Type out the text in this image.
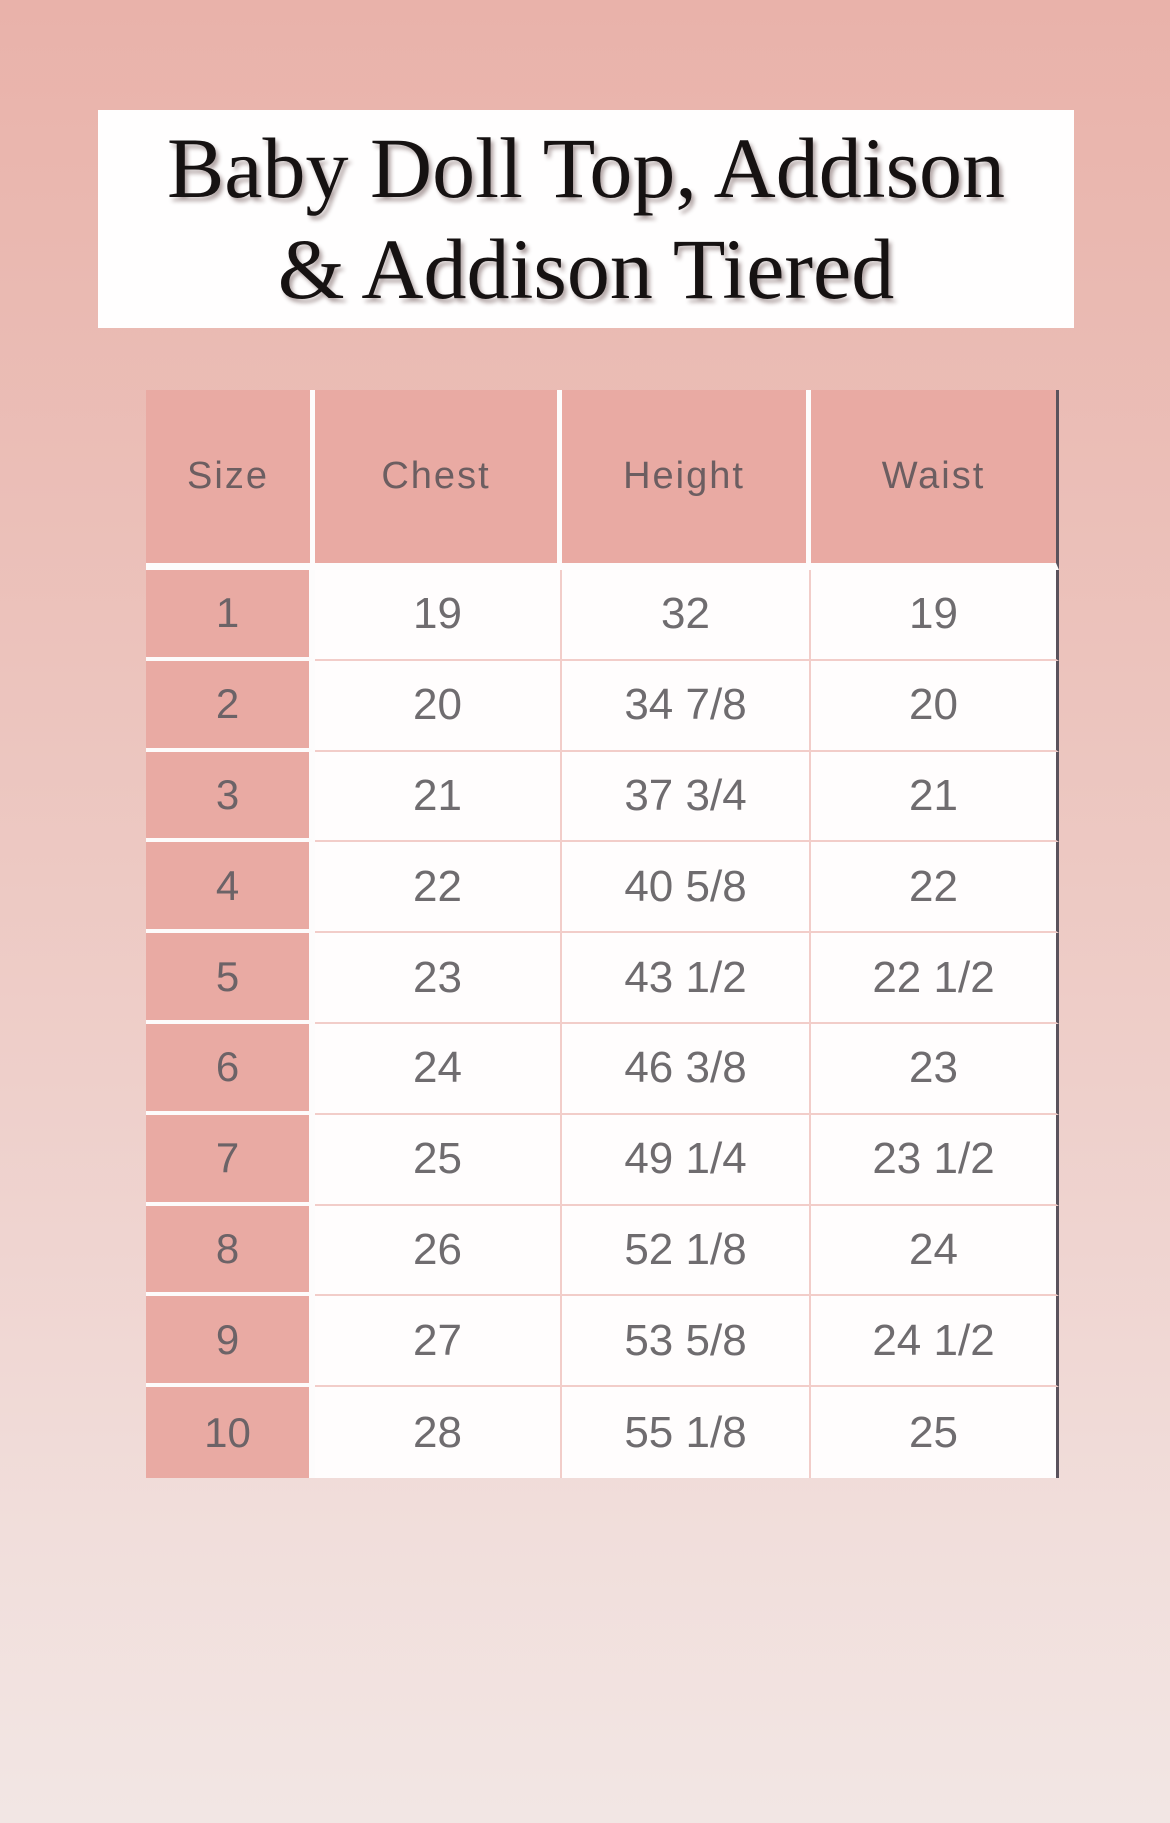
Baby Doll Top, Addison
& Addison Tiered
Size	Chest	Height	Waist
1	19	32	19
2	20	34 7/8	20
3	21	37 3/4	21
4	22	40 5/8	22
5	23	43 1/2	22 1/2
6	24	46 3/8	23
7	25	49 1/4	23 1/2
8	26	52 1/8	24
9	27	53 5/8	24 1/2
10	28	55 1/8	25
